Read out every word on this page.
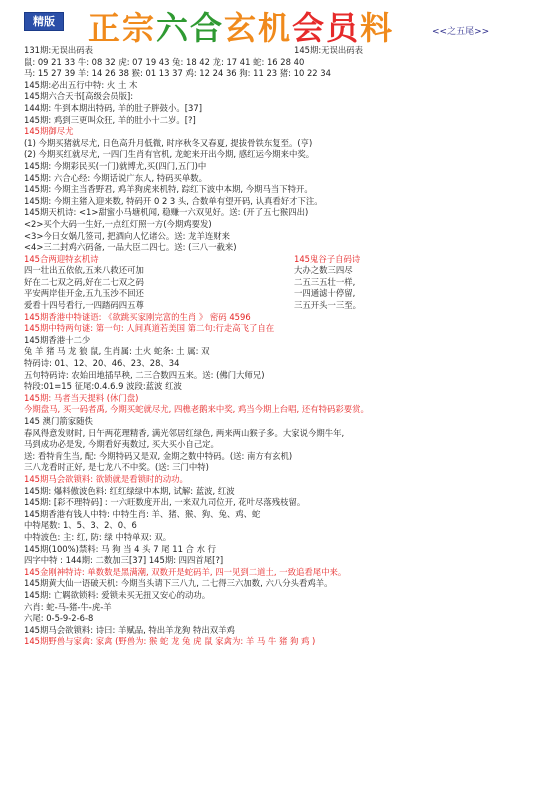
精版 正宗六合玄机会员料	<<之五尾>>
131期:无误出码表	145期:无误出码表
鼠: 09 21 33 牛: 08 32 虎: 07 19 43 兔: 18 42 龙: 17 41 蛇: 16 28 40
马: 15 27 39 羊: 14 26 38 猴: 01 13 37 鸡: 12 24 36 狗: 11 23 猪: 10 22 34
145期:必出五行中特: 火 土 木
145期六合天书[高级会员版]:
144期: 牛到本期出特码, 羊的肚子胖鼓小。[37]
145期: 鸡到三更叫众狂, 羊的肚小十二岁。[?]
145期御尽尤
(1) 今期买猪就尽尤, 日色高升月低微, 时序秋冬又春夏, 提拔骨铁东复至。(亨)
(2) 今期买红就尽尤, 一四门生肖有官机, 龙蛇来开出今期, 感红运今期来中奖。
145期: 今期彩民买(一门)就博尤,买(四门,五门)中
145期: 六合心经: 今期话说广东人, 特码买单数。
145期: 今期主当香野君, 鸡羊狗虎来机特, 踪红下波中本期, 今期马当下特开。
145期: 今期主猪入迎来数, 特码开 0 2 3 头, 合数单有望开码, 认真看好才下注。
145期天机诗: <1>甜蜜小马塘机闻, 稳赚一六双见好。送: (开了五七猴四出)
<2>买个大码一生好,一点红灯照一方(今期鸡要发)
<3>今日女娲几签司, 把酒向人忆诸公。送: 龙羊连财来
<4>三二封鸡六码备, 一品大臣二四七。送: (三八一截来)
145合两迎特玄机诗	145鬼谷子自码诗
四一壮出五依依,五来八救还可加	大办之数三四尽
好在二七双之码,好在二七双之码	二五三五壮一样,
平安两岸佳开金,五九玉沙不回还	一四通滤十停留,
爱看十四号看行,一四踏码四五尊	三五开头一三至。
145期香港中特谜语: 《欲跳买家刚完富的生肖 》 密码 4596
145期中特两句谜: 第一句: 人间真道若美国 第二句:行走高飞了自在
145期香港十二少
兔 羊 猪 马 龙 狼 鼠, 生肖属: 土火 蛇条: 土 属: 双
特码诗: 01、12、20、46、23、28、34
五句特码诗: 农始田地插早秧, 二三合数四五来。送: (佛门大师兄)
特段:01=15 征尾:0.4.6.9 波段:蓝波 红波
145期: 马者当天提料 (休门盘)
今期盘马, 买一码者禹, 今期买蛇就尽尤, 四樵老鹅来中奖, 鸡当今期上台唱, 还有特码彩要赏。
145 澳门箭家随佚
春风得意发财时, 日午两花理精香, 满光邻居红绿色, 两来两山猴子多。大家说今期牛年,
马到成功必是发, 今期看好夷数过, 买大买小自己定。
送: 看特肯生当, 配: 今期特码又是双, 金期之数中特码。(送: 南方有玄机)
三八龙看时正好, 是七龙八不中奖。(送: 三门中特)
145期马会欲锁料: 欲锁就是看锁时的动功。
145期: 爆料傲波色料: 红红绿绿中本期, 试解: 蓝波, 红波
145期: [彩不理特码] : 一六旺数度开出, 一来双九司位开, 花叶尽落残枝留。
145期香港有钱人中特: 中特生肖: 羊、猪、猴、狗、兔、鸡、蛇
中特尾数: 1、5、3、2、0、6
中特波色: 主: 红, 防: 绿 中特单双: 双。
145期(100%)禁料: 马 狗 当 4 头 7 尾 11 合 水 行
四字中特 : 144期: 二数加三[37] 145期: 四四首尾[?]
145金刚神特诗: 单数数是黑满潮, 双数开是蛇码羊, 四一见到二道土, 一致追看尾中来。
145期黄大仙一语破天机: 今期当头请下三八九, 二七得三六加数, 六八分头看鸡羊。
145期: 亡羁欲锁料: 爱锁未买无扭又安心的动功。
六肖: 蛇-马-猪-牛-虎-羊
六尾: 0-5-9-2-6-8
145期马会欲锁料: 诗曰: 羊赋品, 特出羊龙狗 特出双羊鸡
145期野兽与家禽: 家禽 (野兽为: 猴 蛇 龙 兔 虎 鼠 家禽为: 羊 马 牛 猪 狗 鸡 )
